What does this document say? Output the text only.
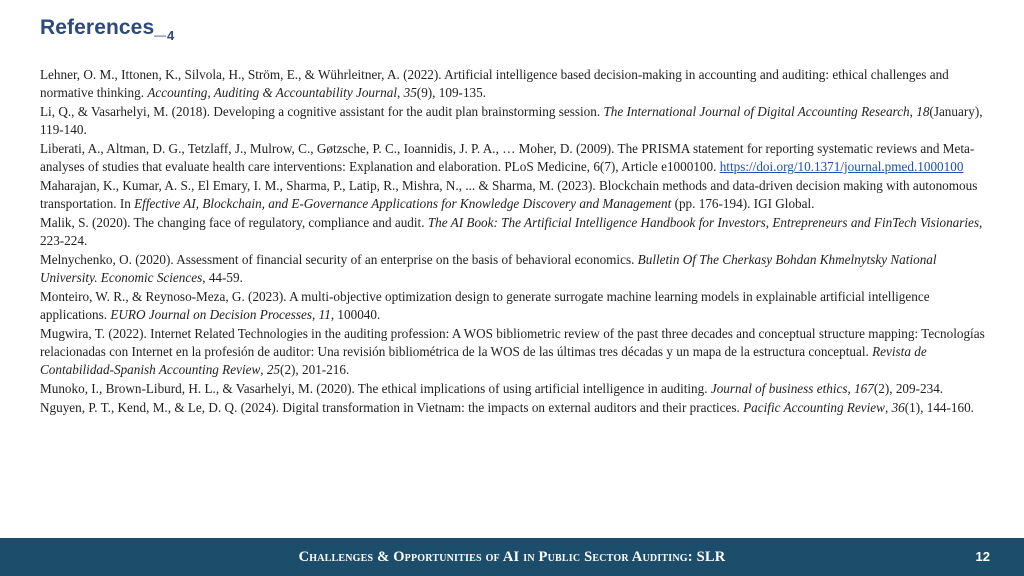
$References\__4$
Lehner, O. M., Ittonen, K., Silvola, H., Ström, E., & Wührleitner, A. (2022). Artificial intelligence based decision-making in accounting and auditing: ethical challenges and normative thinking. Accounting, Auditing & Accountability Journal, 35(9), 109-135.
Li, Q., & Vasarhelyi, M. (2018). Developing a cognitive assistant for the audit plan brainstorming session. The International Journal of Digital Accounting Research, 18(January), 119-140.
Liberati, A., Altman, D. G., Tetzlaff, J., Mulrow, C., Gøtzsche, P. C., Ioannidis, J. P. A., … Moher, D. (2009). The PRISMA statement for reporting systematic reviews and Meta-analyses of studies that evaluate health care interventions: Explanation and elaboration. PLoS Medicine, 6(7), Article e1000100. https://doi.org/10.1371/journal.pmed.1000100
Maharajan, K., Kumar, A. S., El Emary, I. M., Sharma, P., Latip, R., Mishra, N., ... & Sharma, M. (2023). Blockchain methods and data-driven decision making with autonomous transportation. In Effective AI, Blockchain, and E-Governance Applications for Knowledge Discovery and Management (pp. 176-194). IGI Global.
Malik, S. (2020). The changing face of regulatory, compliance and audit. The AI Book: The Artificial Intelligence Handbook for Investors, Entrepreneurs and FinTech Visionaries, 223-224.
Melnychenko, O. (2020). Assessment of financial security of an enterprise on the basis of behavioral economics. Bulletin Of The Cherkasy Bohdan Khmelnytsky National University. Economic Sciences, 44-59.
Monteiro, W. R., & Reynoso-Meza, G. (2023). A multi-objective optimization design to generate surrogate machine learning models in explainable artificial intelligence applications. EURO Journal on Decision Processes, 11, 100040.
Mugwira, T. (2022). Internet Related Technologies in the auditing profession: A WOS bibliometric review of the past three decades and conceptual structure mapping: Tecnologías relacionadas con Internet en la profesión de auditor: Una revisión bibliométrica de la WOS de las últimas tres décadas y un mapa de la estructura conceptual. Revista de Contabilidad-Spanish Accounting Review, 25(2), 201-216.
Munoko, I., Brown-Liburd, H. L., & Vasarhelyi, M. (2020). The ethical implications of using artificial intelligence in auditing. Journal of business ethics, 167(2), 209-234.
Nguyen, P. T., Kend, M., & Le, D. Q. (2024). Digital transformation in Vietnam: the impacts on external auditors and their practices. Pacific Accounting Review, 36(1), 144-160.
Challenges & Opportunities of AI in Public Sector Auditing: SLR	12
